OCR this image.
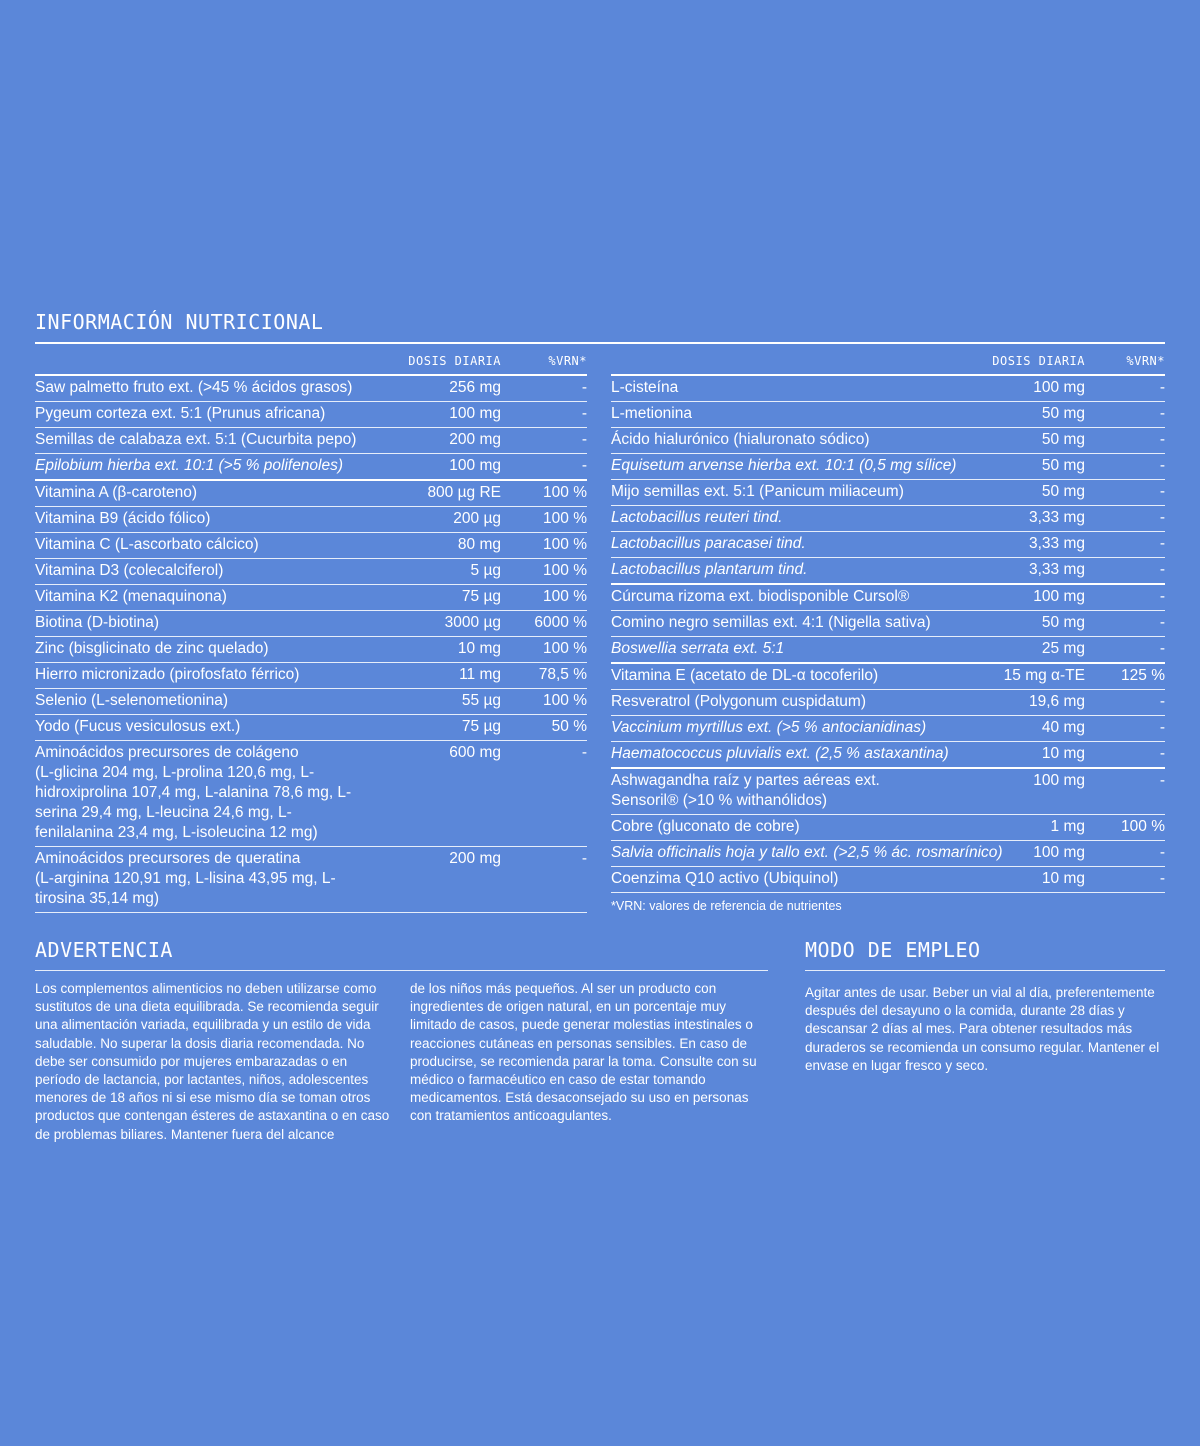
INFORMACIÓN NUTRICIONAL
DOSIS DIARIA	%VRN*
Saw palmetto fruto ext. (>45 % ácidos grasos)	256 mg	-
Pygeum corteza ext. 5:1 (Prunus africana)	100 mg	-
Semillas de calabaza ext. 5:1 (Cucurbita pepo)	200 mg	-
Epilobium hierba ext. 10:1 (>5 % polifenoles)	100 mg	-
Vitamina A (β-caroteno)	800 µg RE	100 %
Vitamina B9 (ácido fólico)	200 µg	100 %
Vitamina C (L-ascorbato cálcico)	80 mg	100 %
Vitamina D3 (colecalciferol)	5 µg	100 %
Vitamina K2 (menaquinona)	75 µg	100 %
Biotina (D-biotina)	3000 µg 6000 %
Zinc (bisglicinato de zinc quelado)	10 mg	100 %
Hierro micronizado (pirofosfato férrico)	11 mg 78,5 %
Selenio (L-selenometionina)	55 µg	100 %
Yodo (Fucus vesiculosus ext.)	75 µg	50 %
Aminoácidos precursores de colágeno
(L-glicina 204 mg, L-prolina 120,6 mg, L-hidroxiprolina 107,4 mg, L-alanina 78,6 mg, L-serina 29,4 mg, L-leucina 24,6 mg, L-fenilalanina 23,4 mg, L-isoleucina 12 mg)
600 mg	-
Aminoácidos precursores de queratina
(L-arginina 120,91 mg, L-lisina 43,95 mg, L-tirosina 35,14 mg)
200 mg	-
DOSIS DIARIA	%VRN*
L-cisteína	100 mg	-
L-metionina	50 mg	-
Ácido hialurónico (hialuronato sódico)	50 mg	-
Equisetum arvense hierba ext. 10:1 (0,5 mg sílice)	50 mg	-
Mijo semillas ext. 5:1 (Panicum miliaceum)	50 mg	-
Lactobacillus reuteri tind.	3,33 mg	-
Lactobacillus paracasei tind.	3,33 mg	-
Lactobacillus plantarum tind.	3,33 mg	-
Cúrcuma rizoma ext. biodisponible Cursol®	100 mg	-
Comino negro semillas ext. 4:1 (Nigella sativa)	50 mg	-
Boswellia serrata ext. 5:1	25 mg	-
Vitamina E (acetato de DL-α tocoferilo)	15 mg α-TE 125 %
Resveratrol (Polygonum cuspidatum)	19,6 mg	-
Vaccinium myrtillus ext. (>5 % antocianidinas)	40 mg	-
Haematococcus pluvialis ext. (2,5 % astaxantina)	10 mg	-
Ashwagandha raíz y partes aéreas ext.
Sensoril® (>10 % withanólidos)
100 mg	-
Cobre (gluconato de cobre)	1 mg 100 %
Salvia officinalis hoja y tallo ext. (>2,5 % ác. rosmarínico)	100 mg	-
Coenzima Q10 activo (Ubiquinol)	10 mg	-
*VRN: valores de referencia de nutrientes
ADVERTENCIA

Los complementos alimenticios no deben utilizarse como sustitutos de una dieta equilibrada. Se recomienda seguir una alimentación variada, equilibrada y un estilo de vida saludable. No superar la dosis diaria recomendada. No debe ser consumido por mujeres embarazadas o en período de lactancia, por lactantes, niños, adolescentes menores de 18 años ni si ese mismo día se toman otros productos que contengan ésteres de astaxantina o en caso de problemas biliares. Mantener fuera del alcance

de los niños más pequeños. Al ser un producto con ingredientes de origen natural, en un porcentaje muy limitado de casos, puede generar molestias intestinales o reacciones cutáneas en personas sensibles. En caso de producirse, se recomienda parar la toma. Consulte con su médico o farmacéutico en caso de estar tomando medicamentos. Está desaconsejado su uso en personas con tratamientos anticoagulantes.

MODO DE EMPLEO

Agitar antes de usar. Beber un vial al día, preferentemente después del desayuno o la comida, durante 28 días y descansar 2 días al mes. Para obtener resultados más duraderos se recomienda un consumo regular. Mantener el envase en lugar fresco y seco.
